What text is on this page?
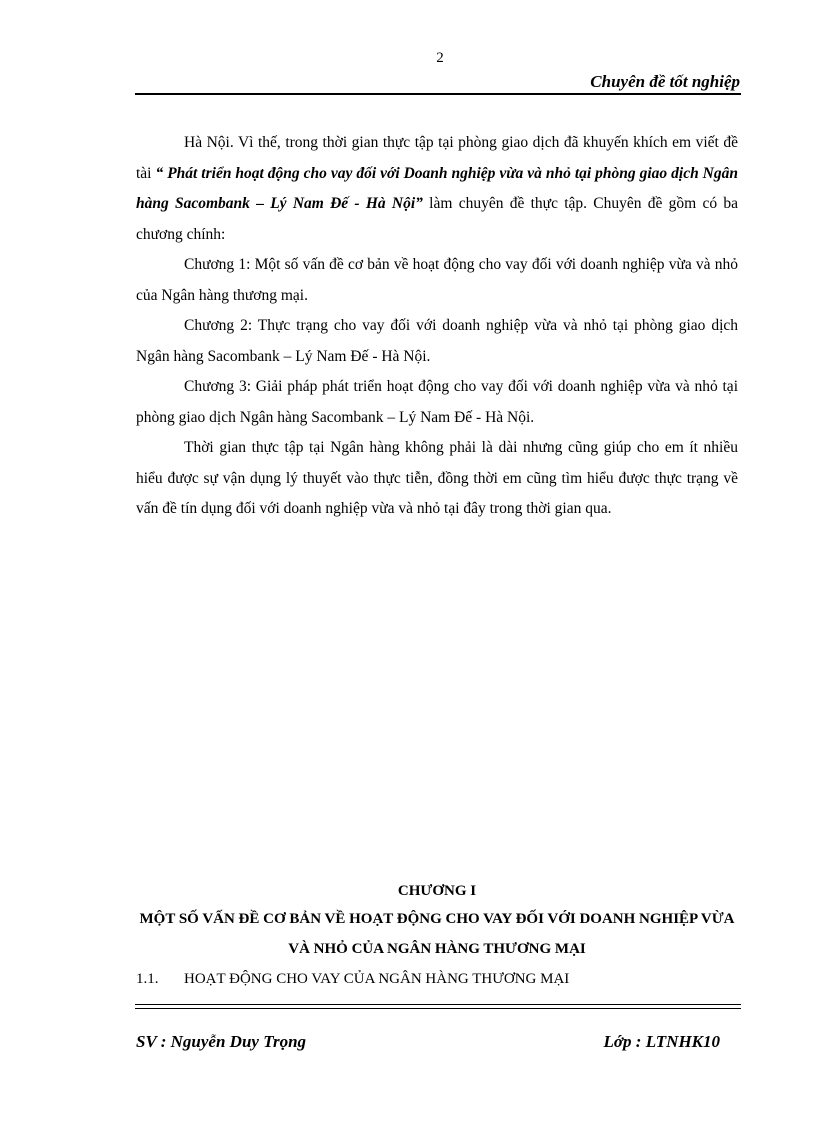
2
Chuyên đề tốt nghiệp

Hà Nội. Vì thế, trong thời gian thực tập tại phòng giao dịch đã khuyến khích em viết đề tài “ Phát triển hoạt động cho vay đối với Doanh nghiệp vừa và nhỏ tại phòng giao dịch Ngân hàng Sacombank – Lý Nam Đế - Hà Nội” làm chuyên đề thực tập. Chuyên đề gồm có ba chương chính:

Chương 1: Một số vấn đề cơ bản về hoạt động cho vay đối với doanh nghiệp vừa và nhỏ của Ngân hàng thương mại.

Chương 2: Thực trạng cho vay đối với doanh nghiệp vừa và nhỏ tại phòng giao dịch Ngân hàng Sacombank – Lý Nam Đế - Hà Nội.

Chương 3: Giải pháp phát triển hoạt động cho vay đối với doanh nghiệp vừa và nhỏ tại phòng giao dịch Ngân hàng Sacombank – Lý Nam Đế - Hà Nội.

Thời gian thực tập tại Ngân hàng không phải là dài nhưng cũng giúp cho em ít nhiều hiểu được sự vận dụng lý thuyết vào thực tiễn, đồng thời em cũng tìm hiểu được thực trạng về vấn đề tín dụng đối với doanh nghiệp vừa và nhỏ tại đây trong thời gian qua.

CHƯƠNG I
MỘT SỐ VẤN ĐỀ CƠ BẢN VỀ HOẠT ĐỘNG CHO VAY ĐỐI VỚI DOANH NGHIỆP VỪA VÀ NHỎ CỦA NGÂN HÀNG THƯƠNG MẠI
1.1. HOẠT ĐỘNG CHO VAY CỦA NGÂN HÀNG THƯƠNG MẠI
SV : Nguyễn Duy Trọng	Lớp : LTNHK10
